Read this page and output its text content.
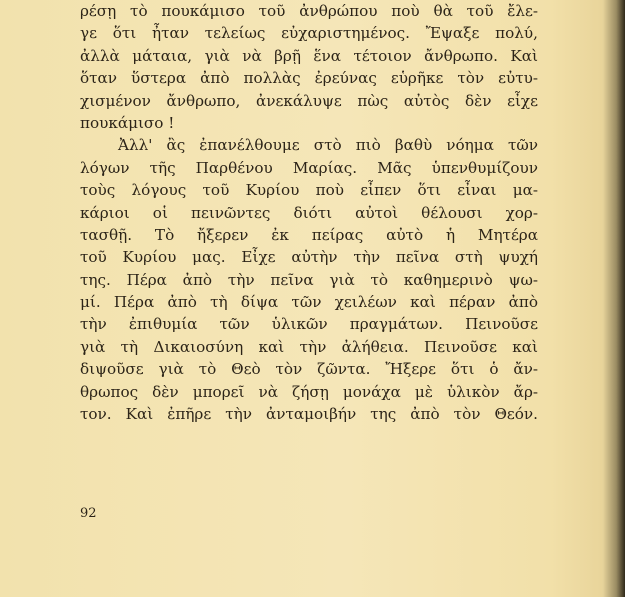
ρέσῃ τὸ πουκάμισο τοῦ ἀνθρώπου ποὺ θὰ τοῦ ἔλε-
γε ὅτι ἦταν τελείως εὐχαριστημένος. Ἔψαξε πολύ,
ἀλλὰ μάταια, γιὰ νὰ βρῇ ἕνα τέτοιον ἄνθρωπο. Καὶ
ὅταν ὕστερα ἀπὸ πολλὰς ἐρεύνας εὑρῆκε τὸν εὐτυ-
χισμένον ἄνθρωπο, ἀνεκάλυψε πὼς αὐτὸς δὲν εἶχε
πουκάμισο !
Ἀλλ' ἂς ἐπανέλθουμε στὸ πιὸ βαθὺ νόημα τῶν
λόγων τῆς Παρθένου Μαρίας. Μᾶς ὑπενθυμίζουν
τοὺς λόγους τοῦ Κυρίου ποὺ εἶπεν ὅτι εἶναι μα-
κάριοι οἱ πεινῶντες διότι αὐτοὶ θέλουσι χορ-
τασθῇ. Τὸ ἤξερεν ἐκ πείρας αὐτὸ ἡ Μητέρα
τοῦ Κυρίου μας. Εἶχε αὐτὴν τὴν πεῖνα στὴ ψυχή
της. Πέρα ἀπὸ τὴν πεῖνα γιὰ τὸ καθημερινὸ ψω-
μί. Πέρα ἀπὸ τὴ δίψα τῶν χειλέων καὶ πέραν ἀπὸ
τὴν ἐπιθυμία τῶν ὑλικῶν πραγμάτων. Πεινοῦσε
γιὰ τὴ Δικαιοσύνη καὶ τὴν ἀλήθεια. Πεινοῦσε καὶ
διψοῦσε γιὰ τὸ Θεὸ τὸν ζῶντα. Ἤξερε ὅτι ὁ ἄν-
θρωπος δὲν μπορεῖ νὰ ζήσῃ μονάχα μὲ ὑλικὸν ἄρ-
τον. Καὶ ἐπῆρε τὴν ἀνταμοιβήν της ἀπὸ τὸν Θεόν.
92
